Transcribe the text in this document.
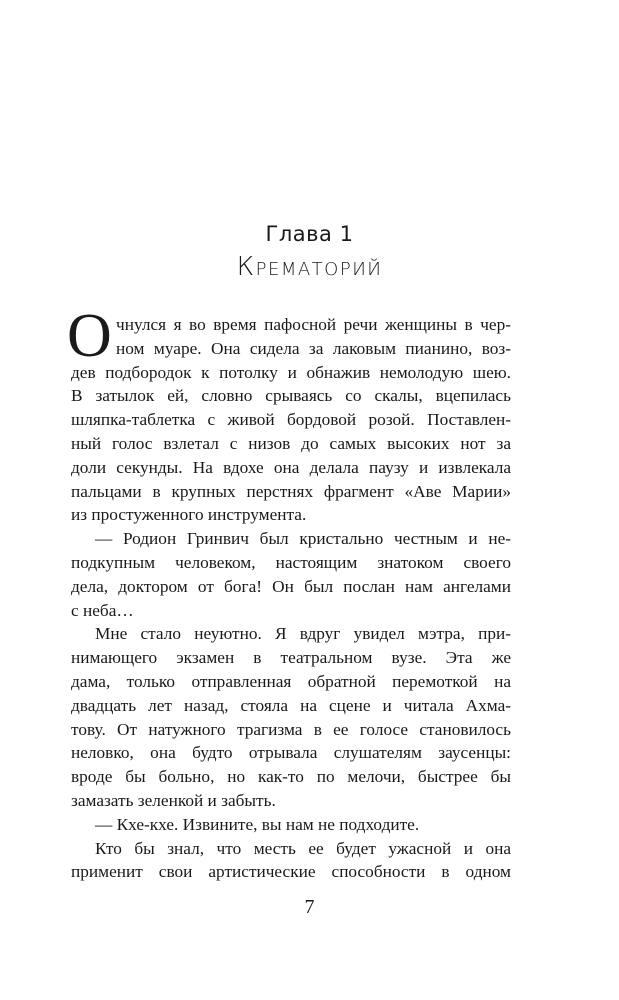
Глава 1
Крематорий
О чнулся я во время пафосной речи женщины в чер-
ном муаре. Она сидела за лаковым пианино, воз-
дев подбородок к потолку и обнажив немолодую шею.
В затылок ей, словно срываясь со скалы, вцепилась
шляпка-таблетка с живой бордовой розой. Поставлен-
ный голос взлетал с низов до самых высоких нот за
доли секунды. На вдохе она делала паузу и извлекала
пальцами в крупных перстнях фрагмент «Аве Марии»
из простуженного инструмента.
— Родион Гринвич был кристально честным и не-
подкупным человеком, настоящим знатоком своего
дела, доктором от бога! Он был послан нам ангелами
с неба…
Мне стало неуютно. Я вдруг увидел мэтра, при-
нимающего экзамен в театральном вузе. Эта же
дама, только отправленная обратной перемоткой на
двадцать лет назад, стояла на сцене и читала Ахма-
тову. От натужного трагизма в ее голосе становилось
неловко, она будто отрывала слушателям заусенцы:
вроде бы больно, но как-то по мелочи, быстрее бы
замазать зеленкой и забыть.
— Кхе-кхе. Извините, вы нам не подходите.
Кто бы знал, что месть ее будет ужасной и она
применит свои артистические способности в одном
7
